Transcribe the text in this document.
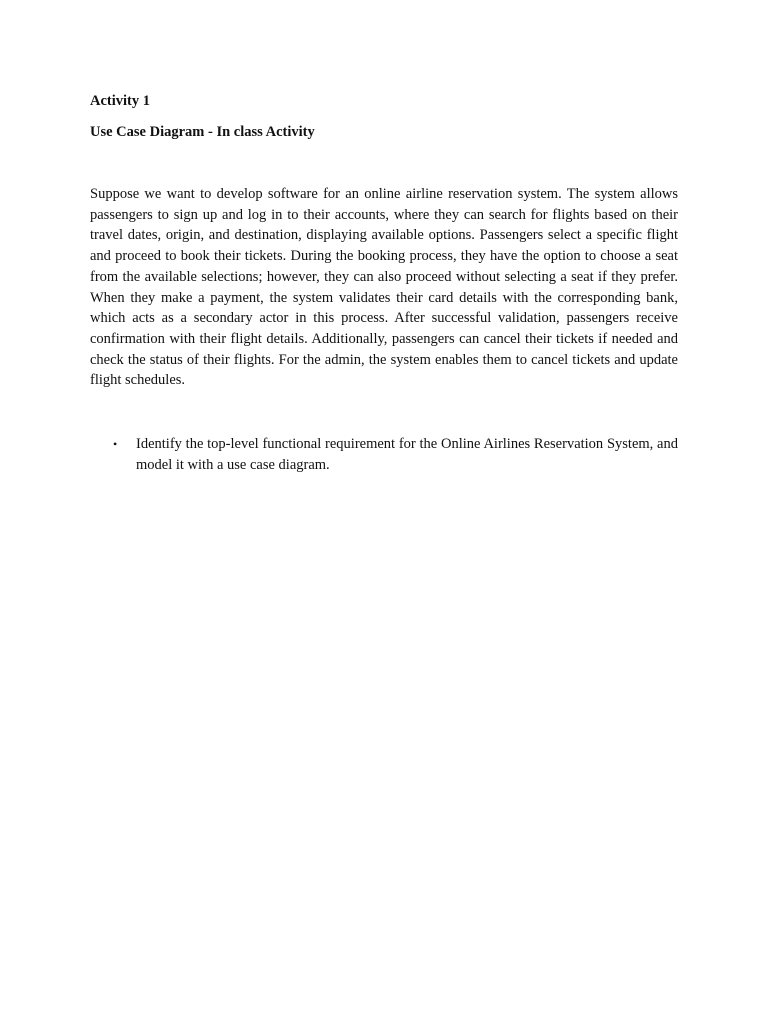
Activity 1

Use Case Diagram - In class Activity

Suppose we want to develop software for an online airline reservation system. The system allows passengers to sign up and log in to their accounts, where they can search for flights based on their travel dates, origin, and destination, displaying available options. Passengers select a specific flight and proceed to book their tickets. During the booking process, they have the option to choose a seat from the available selections; however, they can also proceed without selecting a seat if they prefer. When they make a payment, the system validates their card details with the corresponding bank, which acts as a secondary actor in this process. After successful validation, passengers receive confirmation with their flight details. Additionally, passengers can cancel their tickets if needed and check the status of their flights. For the admin, the system enables them to cancel tickets and update flight schedules.

• Identify the top-level functional requirement for the Online Airlines Reservation System, and model it with a use case diagram.
